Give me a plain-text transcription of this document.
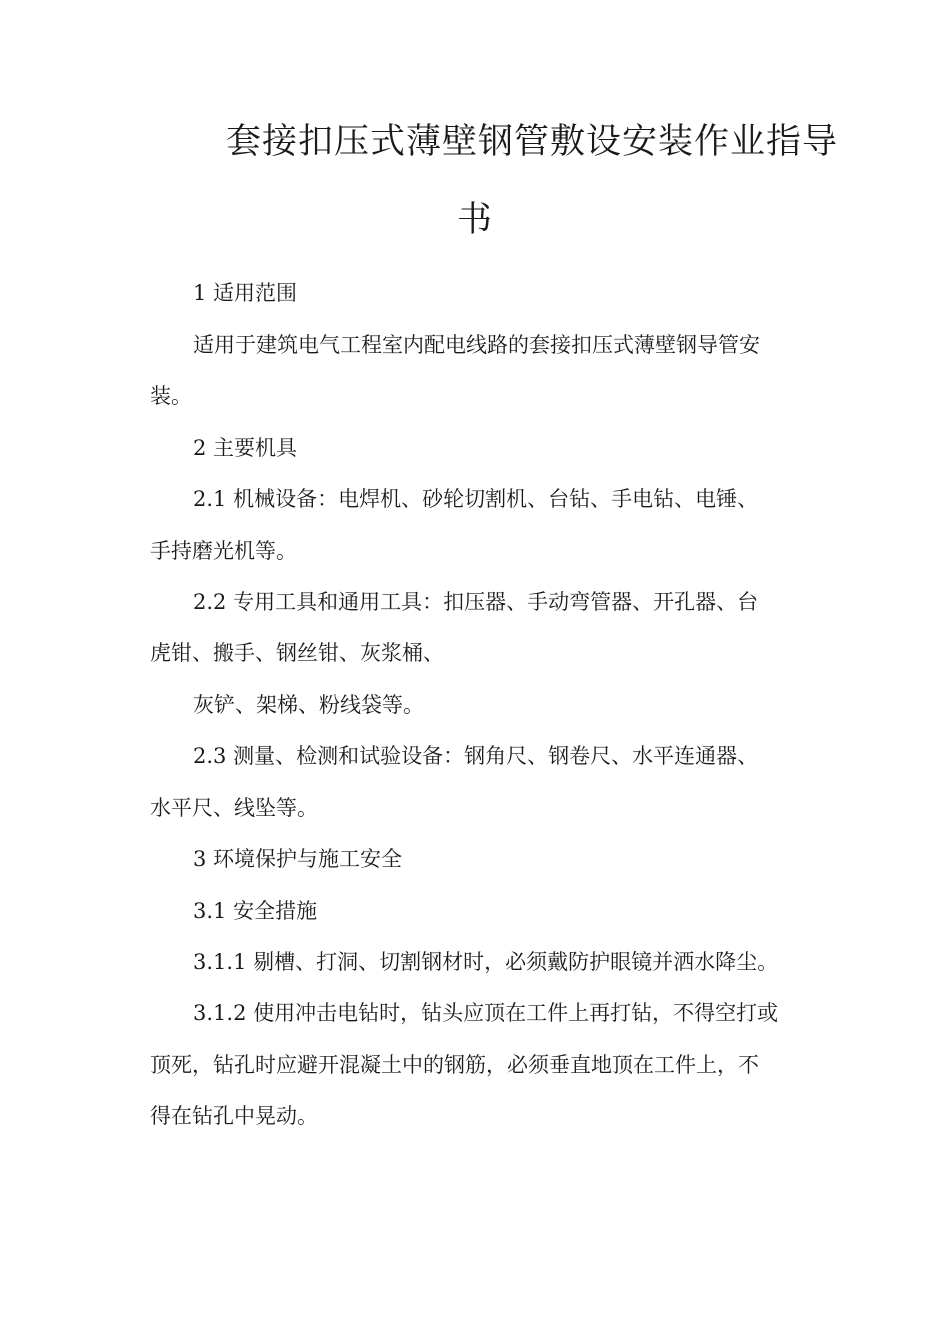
套接扣压式薄壁钢管敷设安装作业指导
书
1 适用范围
适用于建筑电气工程室内配电线路的套接扣压式薄壁钢导管安
装。
2 主要机具
2.1 机械设备：电焊机、砂轮切割机、台钻、手电钻、电锤、
手持磨光机等。
2.2 专用工具和通用工具：扣压器、手动弯管器、开孔器、台
虎钳、搬手、钢丝钳、灰浆桶、
灰铲、架梯、粉线袋等。
2.3 测量、检测和试验设备：钢角尺、钢卷尺、水平连通器、
水平尺、线坠等。
3 环境保护与施工安全
3.1 安全措施
3.1.1 剔槽、打洞、切割钢材时，必须戴防护眼镜并洒水降尘。
3.1.2 使用冲击电钻时，钻头应顶在工件上再打钻，不得空打或
顶死，钻孔时应避开混凝土中的钢筋，必须垂直地顶在工件上，不
得在钻孔中晃动。
